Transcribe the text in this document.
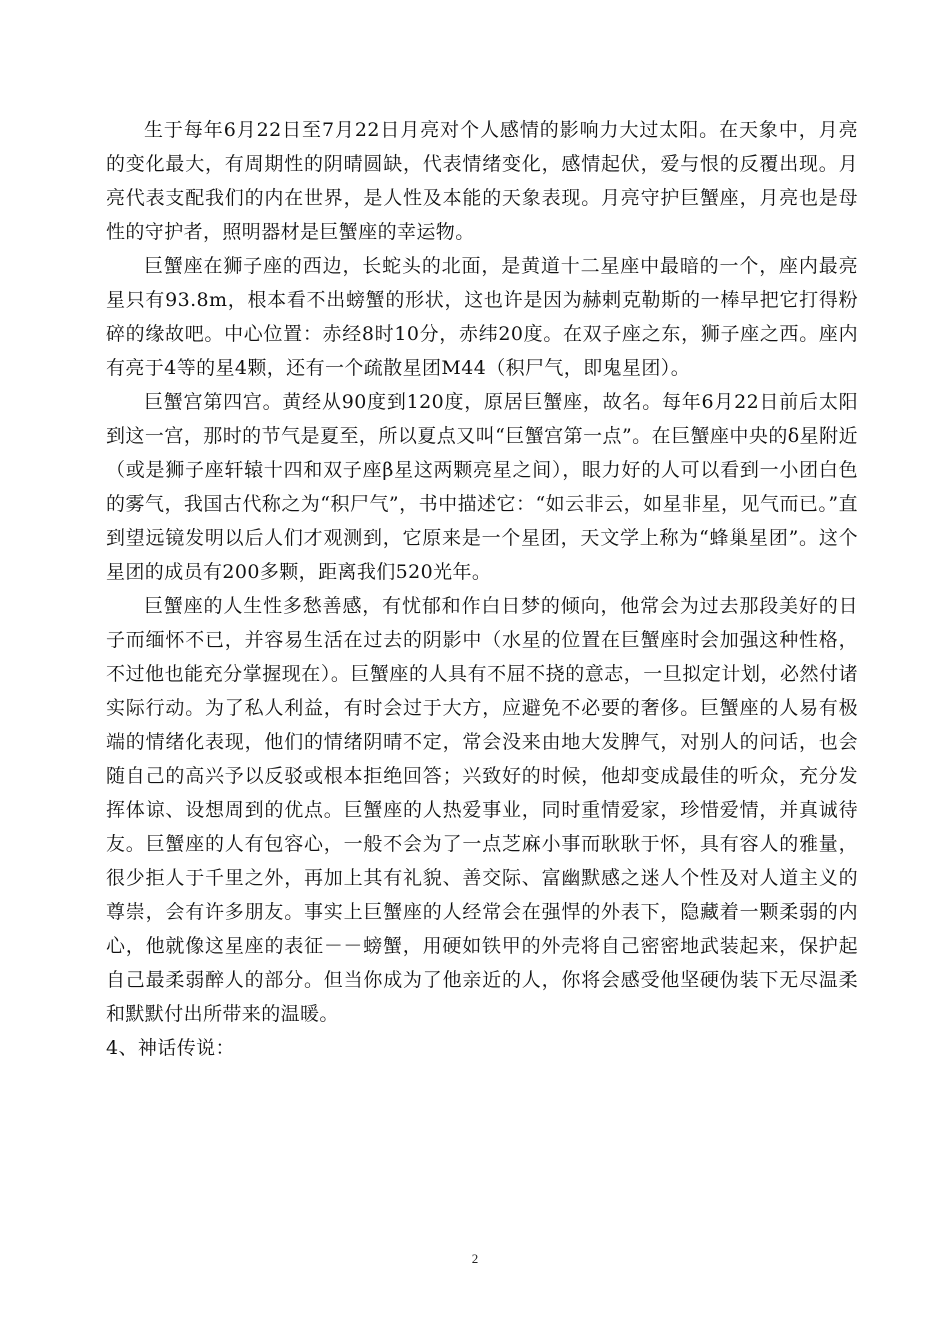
生于每年6月22日至7月22日月亮对个人感情的影响力大过太阳。在天象中，月亮的变化最大，有周期性的阴晴圆缺，代表情绪变化，感情起伏，爱与恨的反覆出现。月亮代表支配我们的内在世界，是人性及本能的天象表现。月亮守护巨蟹座，月亮也是母性的守护者，照明器材是巨蟹座的幸运物。

巨蟹座在狮子座的西边，长蛇头的北面，是黄道十二星座中最暗的一个，座内最亮星只有93.8m，根本看不出螃蟹的形状，这也许是因为赫剌克勒斯的一棒早把它打得粉碎的缘故吧。中心位置：赤经8时10分，赤纬20度。在双子座之东，狮子座之西。座内有亮于4等的星4颗，还有一个疏散星团M44（积尸气，即鬼星团）。

巨蟹宫第四宫。黄经从90度到120度，原居巨蟹座，故名。每年6月22日前后太阳到这一宫，那时的节气是夏至，所以夏点又叫“巨蟹宫第一点”。在巨蟹座中央的δ星附近（或是狮子座轩辕十四和双子座β星这两颗亮星之间），眼力好的人可以看到一小团白色的雾气，我国古代称之为“积尸气”，书中描述它：“如云非云，如星非星，见气而已。”直到望远镜发明以后人们才观测到，它原来是一个星团，天文学上称为“蜂巢星团”。这个星团的成员有200多颗，距离我们520光年。

巨蟹座的人生性多愁善感，有忧郁和作白日梦的倾向，他常会为过去那段美好的日子而缅怀不已，并容易生活在过去的阴影中（水星的位置在巨蟹座时会加强这种性格，不过他也能充分掌握现在）。巨蟹座的人具有不屈不挠的意志，一旦拟定计划，必然付诸实际行动。为了私人利益，有时会过于大方，应避免不必要的奢侈。巨蟹座的人易有极端的情绪化表现，他们的情绪阴晴不定，常会没来由地大发脾气，对别人的问话，也会随自己的高兴予以反驳或根本拒绝回答；兴致好的时候，他却变成最佳的听众，充分发挥体谅、设想周到的优点。巨蟹座的人热爱事业，同时重情爱家，珍惜爱情，并真诚待友。巨蟹座的人有包容心，一般不会为了一点芝麻小事而耿耿于怀，具有容人的雅量，很少拒人于千里之外，再加上其有礼貌、善交际、富幽默感之迷人个性及对人道主义的尊崇，会有许多朋友。事实上巨蟹座的人经常会在强悍的外表下，隐藏着一颗柔弱的内心，他就像这星座的表征－－螃蟹，用硬如铁甲的外壳将自己密密地武装起来，保护起自己最柔弱醉人的部分。但当你成为了他亲近的人，你将会感受他坚硬伪装下无尽温柔和默默付出所带来的温暖。

4、神话传说：

2
